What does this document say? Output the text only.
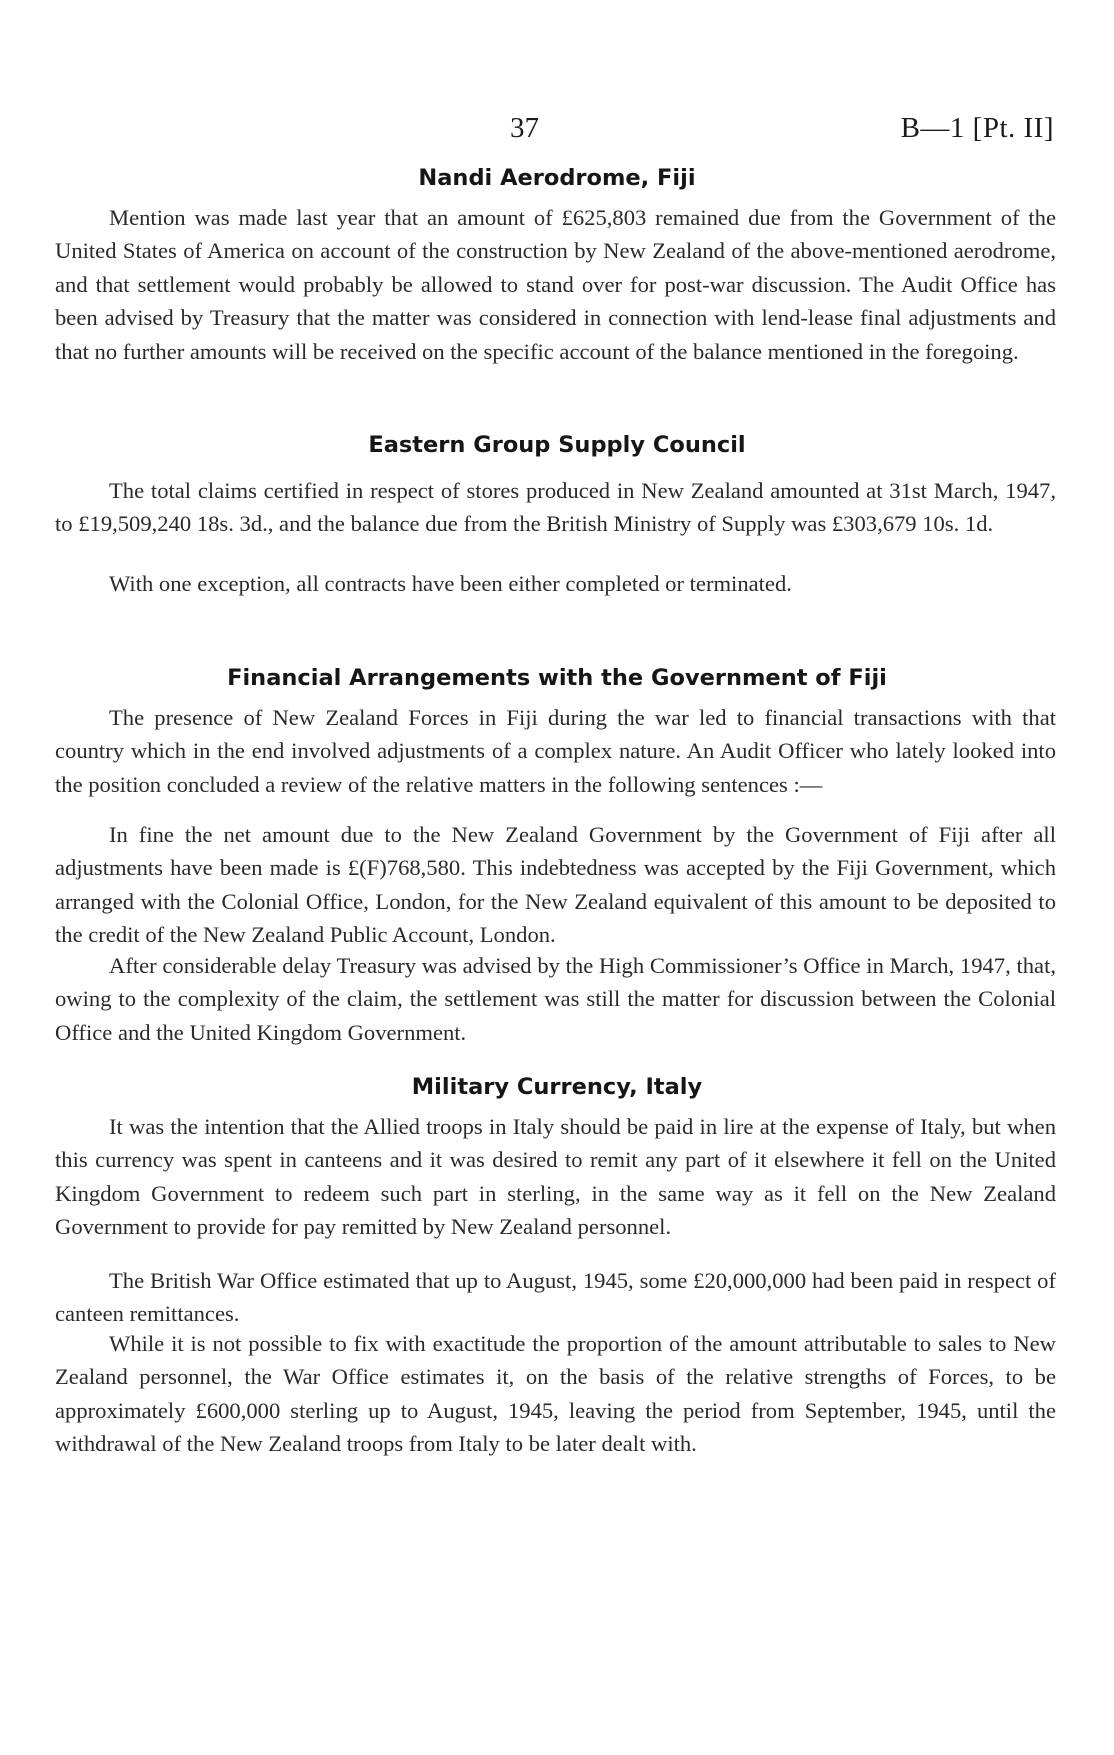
37	B—1 [Pt. II]
Nandi Aerodrome, Fiji

Mention was made last year that an amount of £625,803 remained due from the Government of the United States of America on account of the construction by New Zealand of the above-mentioned aerodrome, and that settlement would probably be allowed to stand over for post-war discussion. The Audit Office has been advised by Treasury that the matter was considered in connection with lend-lease final adjustments and that no further amounts will be received on the specific account of the balance mentioned in the foregoing.

Eastern Group Supply Council

The total claims certified in respect of stores produced in New Zealand amounted at 31st March, 1947, to £19,509,240 18s. 3d., and the balance due from the British Ministry of Supply was £303,679 10s. 1d.

With one exception, all contracts have been either completed or terminated.

Financial Arrangements with the Government of Fiji

The presence of New Zealand Forces in Fiji during the war led to financial transactions with that country which in the end involved adjustments of a complex nature. An Audit Officer who lately looked into the position concluded a review of the relative matters in the following sentences :—

In fine the net amount due to the New Zealand Government by the Government of Fiji after all adjustments have been made is £(F)768,580. This indebtedness was accepted by the Fiji Government, which arranged with the Colonial Office, London, for the New Zealand equivalent of this amount to be deposited to the credit of the New Zealand Public Account, London.

After considerable delay Treasury was advised by the High Commissioner’s Office in March, 1947, that, owing to the complexity of the claim, the settlement was still the matter for discussion between the Colonial Office and the United Kingdom Government.

Military Currency, Italy

It was the intention that the Allied troops in Italy should be paid in lire at the expense of Italy, but when this currency was spent in canteens and it was desired to remit any part of it elsewhere it fell on the United Kingdom Government to redeem such part in sterling, in the same way as it fell on the New Zealand Government to provide for pay remitted by New Zealand personnel.

The British War Office estimated that up to August, 1945, some £20,000,000 had been paid in respect of canteen remittances.

While it is not possible to fix with exactitude the proportion of the amount attributable to sales to New Zealand personnel, the War Office estimates it, on the basis of the relative strengths of Forces, to be approximately £600,000 sterling up to August, 1945, leaving the period from September, 1945, until the withdrawal of the New Zealand troops from Italy to be later dealt with.
